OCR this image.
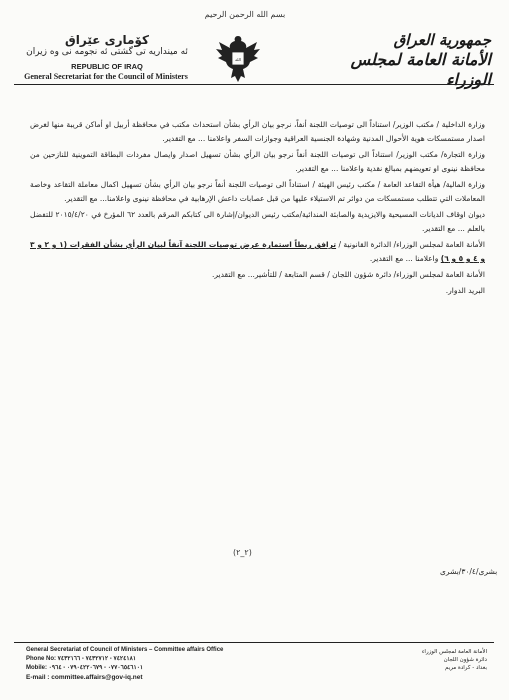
بسم الله الرحمن الرحيم
کۆماری عێراق
ئه‌ مینداریه‌ تی گشتی ئه‌ نجومه‌ نی وه‌ زیران
REPUBLIC OF IRAQ
General Secretariat for the Council of Ministers
الله
جمهورية العراق
الأمانة العامة لمجلس الوزراء

وزارة الداخلية / مكتب الوزير/ استناداً الى توصيات اللجنة أنفاً، نرجو بيان الرأي بشأن استحداث مكتب في محافظة أربيل او أماكن قريبة منها لغرض اصدار مستمسكات هوية الأحوال المدنية وشهادة الجنسية العراقية وجوازات السفر واعلامنا ... مع التقدير.

وزارة التجارة/ مكتب الوزير/ استناداً الى توصيات اللجنة أنفاً نرجو بيان الرأي بشأن تسهيل اصدار وايصال مفردات البطاقة التموينية للنازحين من محافظة نينوى او تعويضهم بمبالغ نقدية واعلامنا ... مع التقدير.

وزارة المالية/ هيأة التقاعد العامة / مكتب رئيس الهيئة / استناداً الى توصيات اللجنة أنفاً نرجو بيان الرأي بشأن تسهيل اكمال معاملة التقاعد وخاصة المعاملات التي تتطلب مستمسكات من دوائر تم الاستيلاء عليها من قبل عصابات داعش الإرهابية في محافظة نينوى واعلامنا... مع التقدير.

ديوان اوقاف الديانات المسيحية والايزيدية والصابئة المندائية/مكتب رئيس الديوان/إشارة الى كتابكم المرقم بالعدد ٦٢ المؤرخ في ٢٠١٥/٤/٢٠ للتفضل بالعلم ... مع التقدير.

الأمانة العامة لمجلس الوزراء/ الدائرة القانونية / ترافق ربطاً استمارة عرض توصيات اللجنة آنفاً لبيان الرأي بشأن الفقرات (١ و ٢ و ٣ و ٤ و ٥ و ٦) واعلامنا ... مع التقدير.

الأمانة العامة لمجلس الوزراء/ دائرة شؤون اللجان / قسم المتابعة / للتأشير... مع التقدير.

البريد الدوار.

(٢_٢)
بشرى/٣٠/٤/بشرى
General Secretariat of Council of Ministers – Committee affairs Office
Phone No: ٧٤٢٤١٨١ - ٧٤٣٢٧١٢ - ٧٤٣٢١٦٦
Mobile: ٠٧٧٠٦٥٤٦١٠١ - ٠٧٩٠٤٢٢٠٦٧٩ - ٠٩٦٤
E-mail : committee.affairs@gov-iq.net
الأمانة العامة لمجلس الوزراء
دائرة شؤون اللجان
بغداد - كرادة مريم
